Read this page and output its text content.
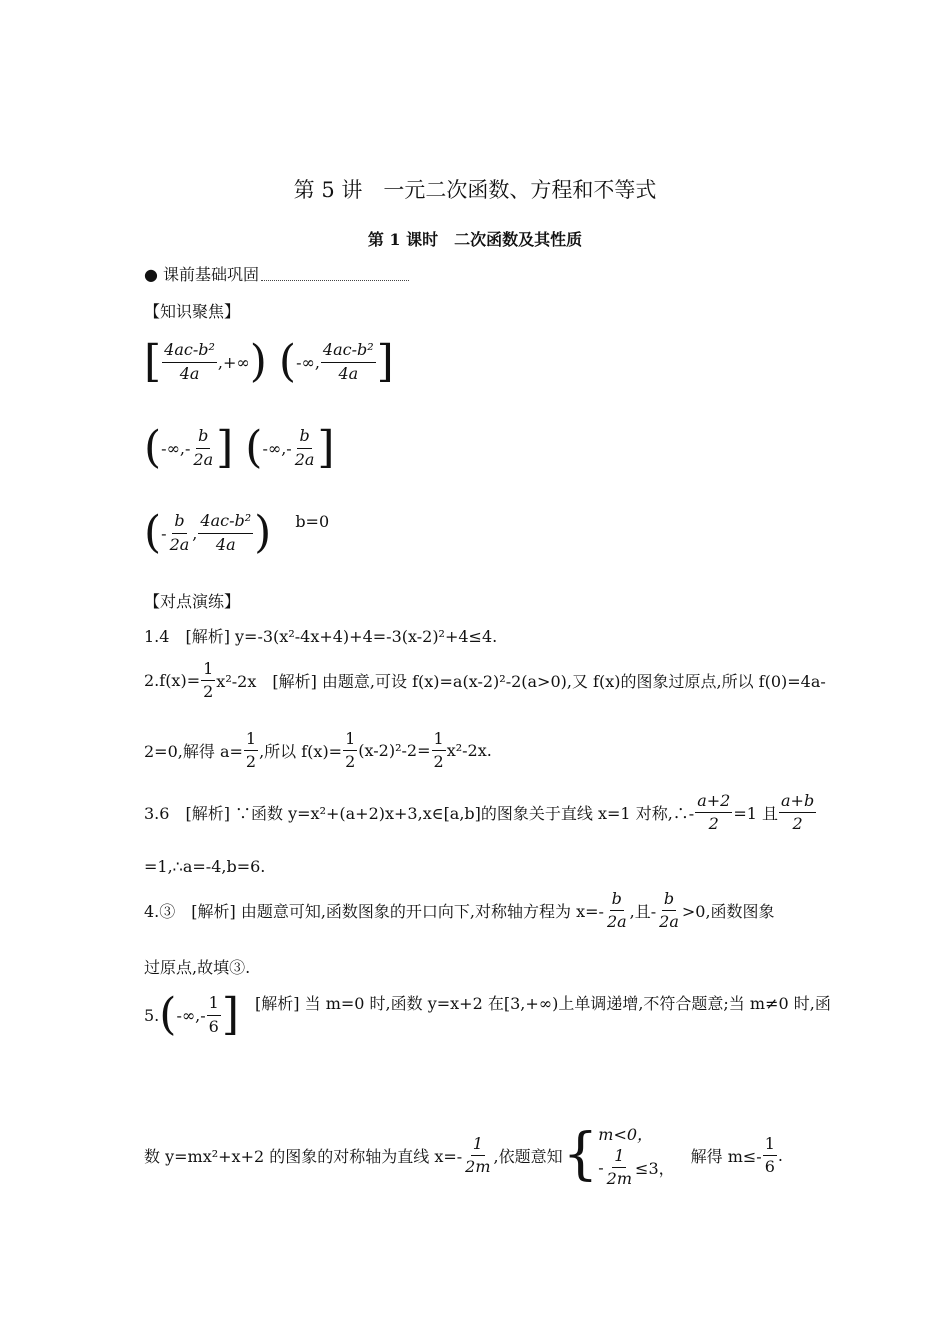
第 5 讲　一元二次函数、方程和不等式
第 1 课时　二次函数及其性质
● 课前基础巩固
【知识聚焦】
[ $\frac{\text{4ac-b²}}{4a}$ ,+∞ ) ( -∞, $\frac{\text{4ac-b²}}{4a}$ ]
( -∞,- $\frac{b}{2a}$ ] ( -∞,- $\frac{b}{2a}$ ]
( - $\frac{b}{2a}$ , $\frac{\text{4ac-b²}}{4a}$ ) b=0
【对点演练】
1.4　[解析] y=-3(x²-4x+4)+4=-3(x-2)²+4≤4.
$2.f(x)= \frac{1}{2} x^2-2x$　[解析] 由题意,可设 f(x)=a(x-2)²-2(a>0),又 f(x)的图象过原点,所以 f(0)=4a-
2=0,解得 $a= \frac{1}{2}$ ,所以 $f(x)= \frac{1}{2} (x-2)^2-2= \frac{1}{2} x^2-2x$.
3.6　[解析] ∵函数 y=x²+(a+2)x+3,x∈[a,b]的图象关于直线 x=1 对称,∴- $\frac{a+2}{2} =1$ 且 $\frac{a+b}{2}$
=1,∴a=-4,b=6.
4.③　[解析] 由题意可知,函数图象的开口向下,对称轴方程为 $x=- \frac{b}{2a}$ ,且- $\frac{b}{2a} >0$,函数图象
过原点,故填③.
5. ( -∞,- $\frac{1}{6}$ ] 　[解析] 当 m=0 时,函数 y=x+2 在[3,+∞)上单调递增,不符合题意;当 m≠0 时,函
数 y=mx²+x+2 的图象的对称轴为直线 $x=- \frac{1}{2m}$ ,依题意知 { m<0，
- $\frac{1}{2m} \le 3$，
　解得 $m\le- \frac{1}{6}$ .
